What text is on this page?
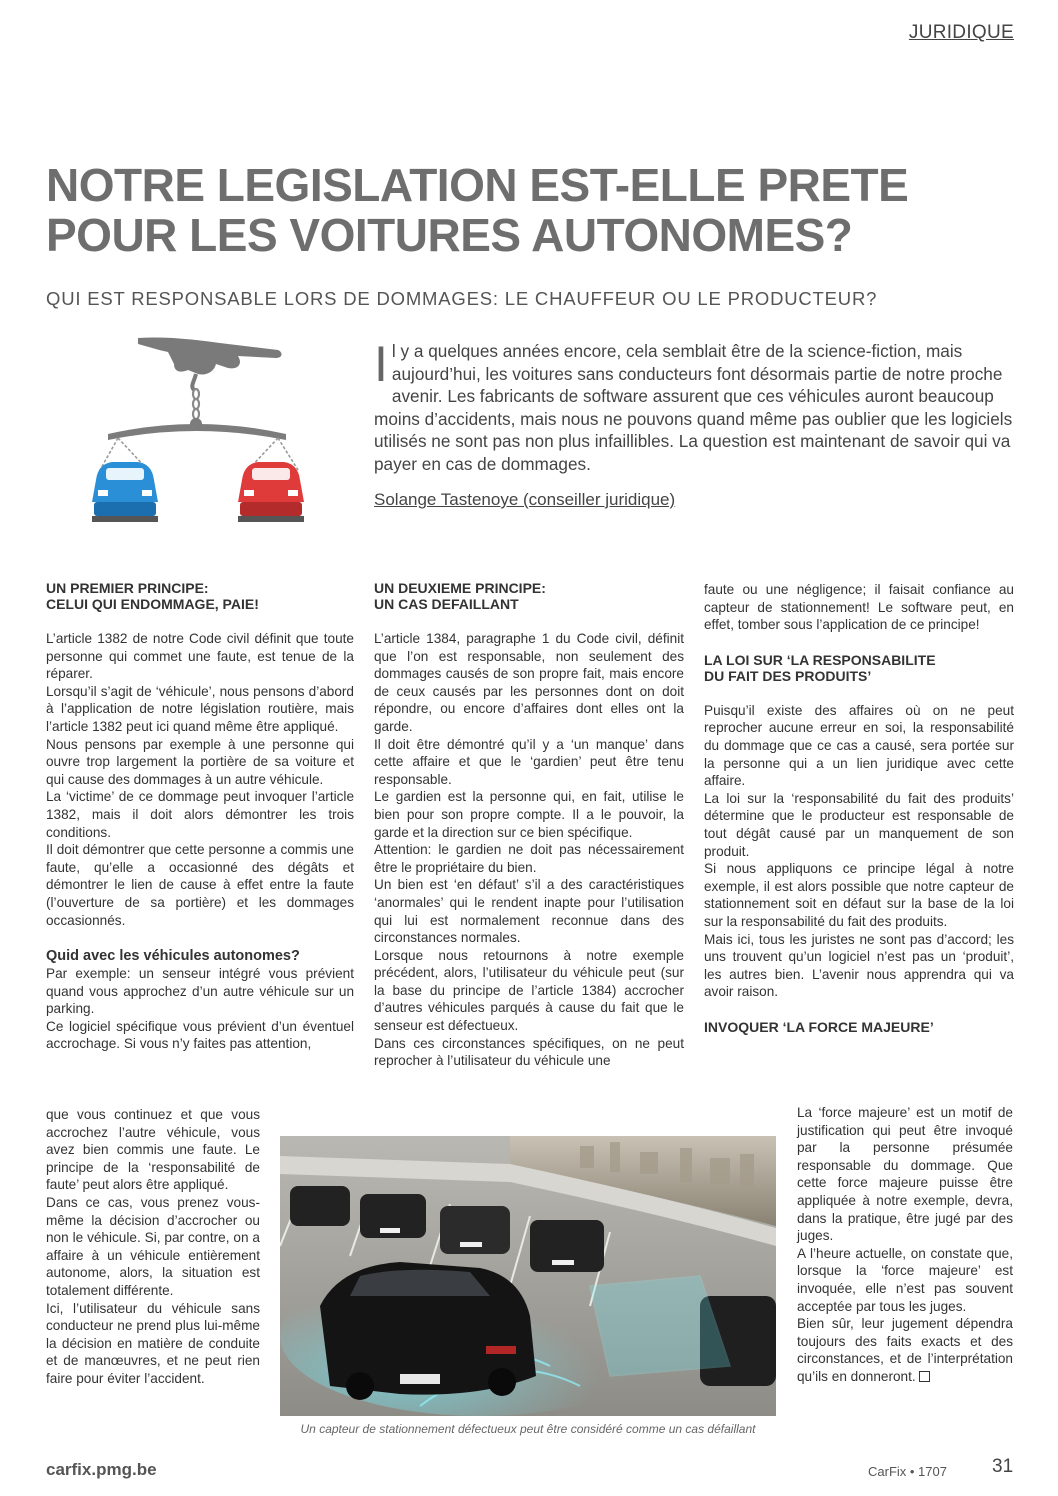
JURIDIQUE
NOTRE LEGISLATION EST-ELLE PRETE
POUR LES VOITURES AUTONOMES?
QUI EST RESPONSABLE LORS DE DOMMAGES: LE CHAUFFEUR OU LE PRODUCTEUR?

Il y a quelques années encore, cela semblait être de la science-fiction, mais aujourd’hui, les voitures sans conducteurs font désormais partie de notre proche avenir. Les fabricants de software assurent que ces véhicules auront beaucoup moins d’accidents, mais nous ne pouvons quand même pas oublier que les logiciels utilisés ne sont pas non plus infaillibles. La question est maintenant de savoir qui va payer en cas de dommages.

Solange Tastenoye (conseiller juridique)
UN PREMIER PRINCIPE:
CELUI QUI ENDOMMAGE, PAIE!

L’article 1382 de notre Code civil définit que toute personne qui commet une faute, est tenue de la réparer.

Lorsqu’il s’agit de ‘véhicule’, nous pensons d’abord à l’application de notre législation routière, mais l’article 1382 peut ici quand même être appliqué.

Nous pensons par exemple à une personne qui ouvre trop largement la portière de sa voiture et qui cause des dommages à un autre véhicule.

La ‘victime’ de ce dommage peut invoquer l’article 1382, mais il doit alors démontrer les trois conditions.

Il doit démontrer que cette personne a commis une faute, qu’elle a occasionné des dégâts et démontrer le lien de cause à effet entre la faute (l’ouverture de sa portière) et les dommages occasionnés.

Quid avec les véhicules autonomes?

Par exemple: un senseur intégré vous prévient quand vous approchez d’un autre véhicule sur un parking.

Ce logiciel spécifique vous prévient d’un éventuel accrochage. Si vous n’y faites pas attention,

que vous continuez et que vous accrochez l’autre véhicule, vous avez bien commis une faute. Le principe de la ‘responsabilité de faute’ peut alors être appliqué.

Dans ce cas, vous prenez vous-même la décision d’accrocher ou non le véhicule. Si, par contre, on a affaire à un véhicule entièrement autonome, alors, la situation est totalement différente.

Ici, l’utilisateur du véhicule sans conducteur ne prend plus lui-même la décision en matière de conduite et de manœuvres, et ne peut rien faire pour éviter l’accident.

UN DEUXIEME PRINCIPE:
UN CAS DEFAILLANT

L’article 1384, paragraphe 1 du Code civil, définit que l’on est responsable, non seulement des dommages causés de son propre fait, mais encore de ceux causés par les personnes dont on doit répondre, ou encore d’affaires dont elles ont la garde.

Il doit être démontré qu’il y a ‘un manque’ dans cette affaire et que le ‘gardien’ peut être tenu responsable.

Le gardien est la personne qui, en fait, utilise le bien pour son propre compte. Il a le pouvoir, la garde et la direction sur ce bien spécifique.

Attention: le gardien ne doit pas nécessairement être le propriétaire du bien.

Un bien est ‘en défaut’ s’il a des caractéristiques ‘anormales’ qui le rendent inapte pour l’utilisation qui lui est normalement reconnue dans des circonstances normales.

Lorsque nous retournons à notre exemple précédent, alors, l’utilisateur du véhicule peut (sur la base du principe de l’article 1384) accrocher d’autres véhicules parqués à cause du fait que le senseur est défectueux.

Dans ces circonstances spécifiques, on ne peut reprocher à l’utilisateur du véhicule une

faute ou une négligence; il faisait confiance au capteur de stationnement! Le software peut, en effet, tomber sous l’application de ce principe!

LA LOI SUR ‘LA RESPONSABILITE
DU FAIT DES PRODUITS’

Puisqu’il existe des affaires où on ne peut reprocher aucune erreur en soi, la responsabilité du dommage que ce cas a causé, sera portée sur la personne qui a un lien juridique avec cette affaire.

La loi sur la ‘responsabilité du fait des produits’ détermine que le producteur est responsable de tout dégât causé par un manquement de son produit.

Si nous appliquons ce principe légal à notre exemple, il est alors possible que notre capteur de stationnement soit en défaut sur la base de la loi sur la responsabilité du fait des produits.

Mais ici, tous les juristes ne sont pas d’accord; les uns trouvent qu’un logiciel n’est pas un ‘produit’, les autres bien. L’avenir nous apprendra qui va avoir raison.

INVOQUER ‘LA FORCE MAJEURE’

La ‘force majeure’ est un motif de justification qui peut être invoqué par la personne présumée responsable du dommage. Que cette force majeure puisse être appliquée à notre exemple, devra, dans la pratique, être jugé par des juges.

A l’heure actuelle, on constate que, lorsque la ‘force majeure’ est invoquée, elle n’est pas souvent acceptée par tous les juges.

Bien sûr, leur jugement dépendra toujours des faits exacts et des circonstances, et de l’interprétation qu’ils en donneront.

Un capteur de stationnement défectueux peut être considéré comme un cas défaillant
carfix.pmg.be	CarFix • 1707 31
